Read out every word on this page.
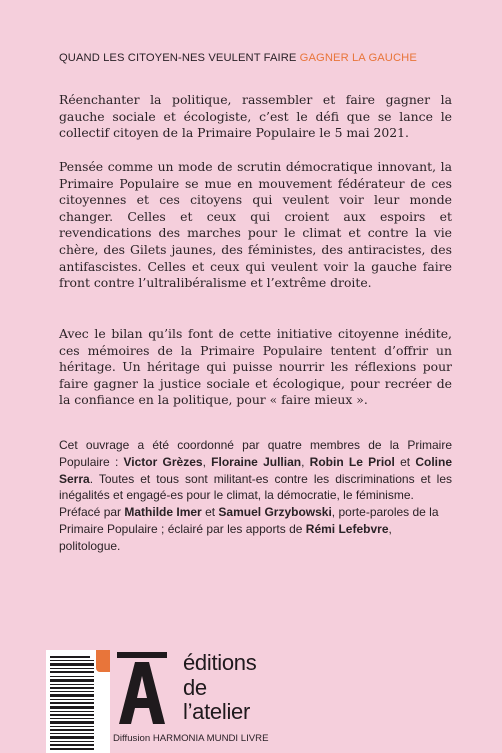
QUAND LES CITOYEN-NES VEULENT FAIRE GAGNER LA GAUCHE

Réenchanter la politique, rassembler et faire gagner la gauche sociale et écologiste, c’est le défi que se lance le collectif citoyen de la Primaire Populaire le 5 mai 2021.

Pensée comme un mode de scrutin démocratique innovant, la Primaire Populaire se mue en mouvement fédérateur de ces citoyennes et ces citoyens qui veulent voir leur monde changer. Celles et ceux qui croient aux espoirs et revendications des marches pour le climat et contre la vie chère, des Gilets jaunes, des féministes, des antiracistes, des antifascistes. Celles et ceux qui veulent voir la gauche faire front contre l’ultralibéralisme et l’extrême droite.

Avec le bilan qu’ils font de cette initiative citoyenne inédite, ces mémoires de la Primaire Populaire tentent d’offrir un héritage. Un héritage qui puisse nourrir les réflexions pour faire gagner la justice sociale et écologique, pour recréer de la confiance en la politique, pour « faire mieux ».

Cet ouvrage a été coordonné par quatre membres de la Primaire Populaire : Victor Grèzes, Floraine Jullian, Robin Le Priol et Coline Serra. Toutes et tous sont militant-es contre les discriminations et les inégalités et engagé-es pour le climat, la démocratie, le féminisme.

Préfacé par Mathilde Imer et Samuel Grzybowski, porte-paroles de la Primaire Populaire ; éclairé par les apports de Rémi Lefebvre, politologue.

éditions
de
l’atelier
Diffusion HARMONIA MUNDI LIVRE
